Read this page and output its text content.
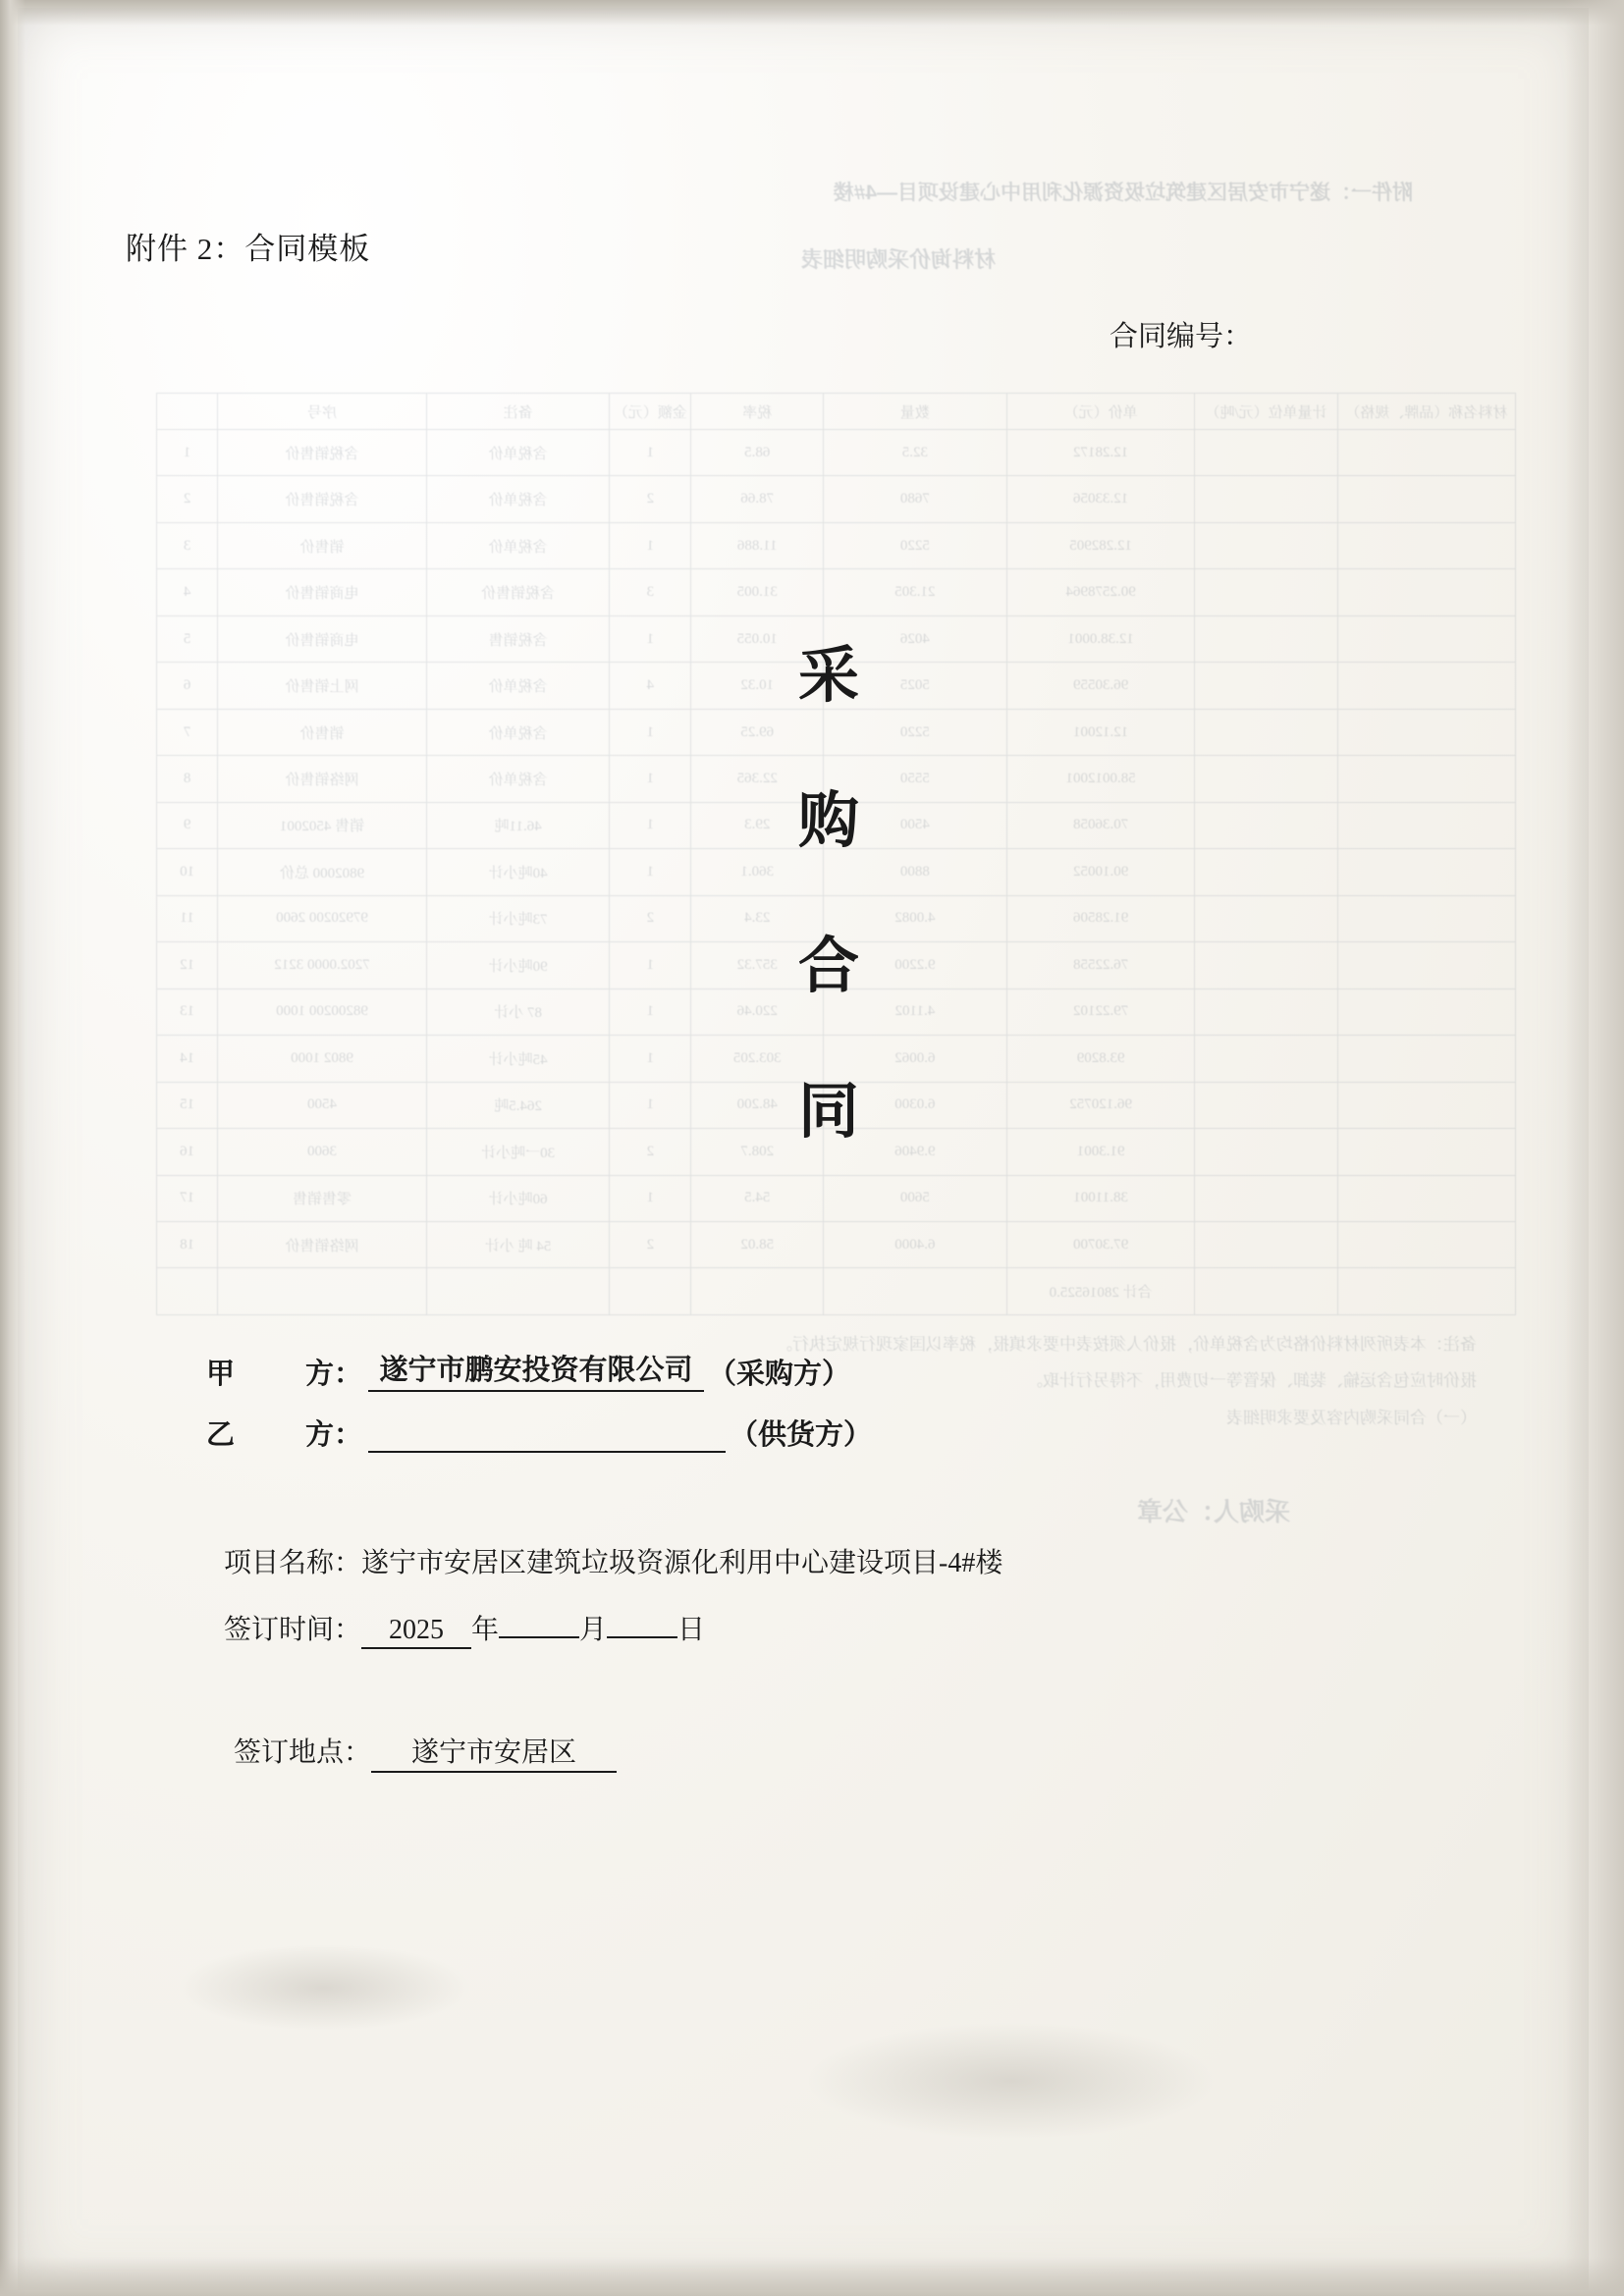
附件一：遂宁市安居区建筑垃圾资源化利用中心建设项目—4#楼
材料询价采购明细表
材料名称（品牌、规格）	计量单位（元/吨）	单价（元）	数量	税率	金额（元）	备注	序号	
		12.28172	32.5	68.5	1	含税单价	含税销售价	1
		12.33056	7680	78.66	2	含税单价	含税销售价	2
		12.282905	5220	11.886	1	含税单价	销售价	3
		90.2578964	21.305	31.005	3	含税销售价	电商销售价	4
		12.38.0001	4026	10.055	1	含税销售	电商销售价	5
		96.30559	5025	10.32	4	含税单价	网上销售价	6
		12.12001	5220	69.25	1	含税单价	销售价	7
		58.0012001	5550	22.365	1	含税单价	网络销售价	8
		70.36058	4500	29.3	1	46.11吨	销售 4502001	9
		90.10052	8800	360.1	1	40吨小计	9802000 总价	10
		91.28506	4.0082	23.4	2	73吨小计	97920200 2600	11
		76.22558	9.2200	357.32	1	90吨小计	7202.0000 3212	12
		79.22102	4.1102	220.46	1	87 小计	98200200 1000	13
		93.8209	6.0062	303.205	1	45吨小计	9802 1000	14
		96.120752	6.0300	48.200	1	264.5吨	4500	15
		91.3001	9.9406	208.7	2	30一吨小计	3600	16
		38.11001	5600	54.5	1	60吨小计	零售销售	17
		97.30700	6.4000	58.02	2	54 吨 小计	网络销售价	18
		合计 28016525.0						
备注：本表所列材料价格均为含税单价，报价人须按表中要求填报，税率以国家现行规定执行。
报价时应包含运输、装卸、保管等一切费用，不得另行计取。
（一）合同采购内容及要求明细表
采购人：公章
附件 2：合同模板
合同编号：
采
购
合
同
甲 方 ： 遂宁市鹏安投资有限公司 （采购方）
乙 方 ：	（供货方）
项目名称：遂宁市安居区建筑垃圾资源化利用中心建设项目-4#楼
签订时间： 2025 年	月	日
签订地点： 遂宁市安居区
